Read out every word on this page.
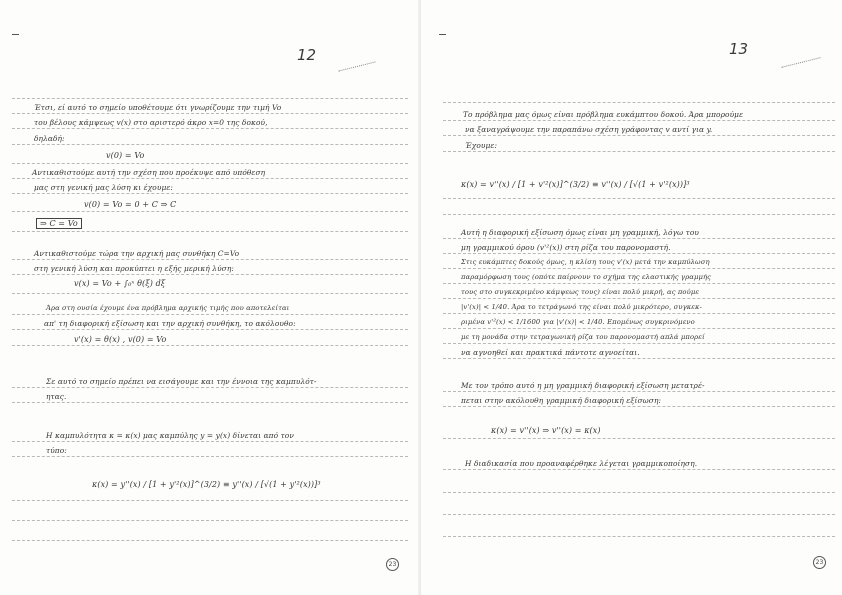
12
Έτσι, εί αυτό το σημείο υποθέτουμε ότι γνωρίζουμε την τιμή Vo
του βέλους κάμψεως v(x) στο αριστερό άκρο x=0 της δοκού,
δηλαδή:
v(0) = Vo
Αντικαθιστούμε αυτή την σχέση που προέκυψε από υπόθεση
μας στη γενική μας λύση κι έχουμε:
v(0) = Vo = 0 + C ⇒ C
⇒ C = Vo
Αντικαθιστούμε τώρα την αρχική μας συνθήκη C=Vo
στη γενική λύση και προκύπτει η εξής μερική λύση:
v(x) = Vo + ∫₀ˣ θ(ξ) dξ
Άρα στη ουσία έχουμε ένα πρόβλημα αρχικής τιμής που αποτελείται
απ' τη διαφορική εξίσωση και την αρχική συνθήκη, το ακόλουθο:
v'(x) = θ(x) , v(0) = Vo
Σε αυτό το σημείο πρέπει να εισάγουμε και την έννοια της καμπυλότ-
ητας.
Η καμπυλότητα κ = κ(x) μας καμπύλης y = y(x) δίνεται από τον
τύπο:
κ(x) = y''(x) / [1 + y'²(x)]^(3/2) ≡ y''(x) / [√(1 + y'²(x))]³
23
13
Το πρόβλημα μας όμως είναι πρόβλημα ευκάμπτου δοκού. Άρα μπορούμε
να ξαναγράψουμε την παραπάνω σχέση γράφοντας v αντί για y.
Έχουμε:
κ(x) = v''(x) / [1 + v'²(x)]^(3/2) ≡ v''(x) / [√(1 + v'²(x))]³
Αυτή η διαφορική εξίσωση όμως είναι μη γραμμική, λόγω του
μη γραμμικού όρου (v'²(x)) στη ρίζα του παρονομαστή.
Στις ευκάμπτες δοκούς όμως, η κλίση τους v'(x) μετά την καμπύλωση
παραμόρφωση τους (οπότε παίρνουν το σχήμα της ελαστικής γραμμής
τους στο συγκεκριμένο κάμψεως τους) είναι πολύ μικρή, ας πούμε
|v'(x)| < 1/40. Άρα το τετράγωνό της είναι πολύ μικρότερο, συγκεκ-
ριμένα v'²(x) < 1/1600 για |v'(x)| < 1/40. Επομένως συγκρινόμενο
με τη μονάδα στην τετραγωνική ρίζα του παρονομαστή απλά μπορεί
να αγνοηθεί και πρακτικά πάντοτε αγνοείται.
Με τον τρόπο αυτό η μη γραμμική διαφορική εξίσωση μετατρέ-
πεται στην ακόλουθη γραμμική διαφορική εξίσωση:
κ(x) = v''(x) ⇒ v''(x) = κ(x)
Η διαδικασία που προαναφέρθηκε λέγεται γραμμικοποίηση.
23
